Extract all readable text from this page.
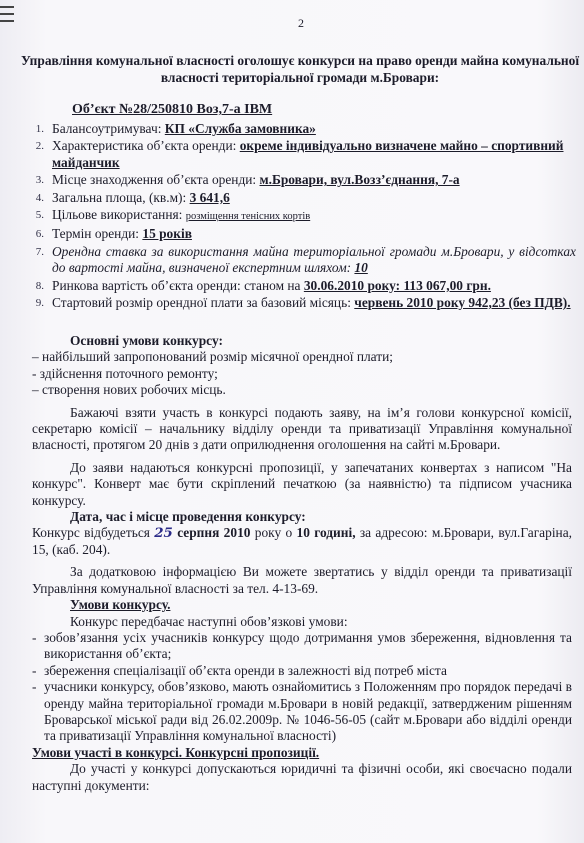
2
Управління комунальної власності оголошує конкурси на право оренди майна комунальної власності територіальної громади м.Бровари:
Об’єкт №28/250810 Воз,7-а ІВМ
1. Балансоутримувач: КП «Служба замовника»
2. Характеристика об’єкта оренди: окреме індивідуально визначене майно – спортивний майданчик
3. Місце знаходження об’єкта оренди: м.Бровари, вул.Возз’єднання, 7-а
4. Загальна площа, (кв.м): 3 641,6
5. Цільове використання: розміщення тенісних кортів
6. Термін оренди: 15 років
7. Орендна ставка за використання майна територіальної громади м.Бровари, у відсотках до вартості майна, визначеної експертним шляхом: 10
8. Ринкова вартість об’єкта оренди: станом на 30.06.2010 року: 113 067,00 грн.
9. Стартовий розмір орендної плати за базовий місяць: червень 2010 року 942,23 (без ПДВ).
Основні умови конкурсу:
– найбільший запропонований розмір місячної орендної плати;
- здійснення поточного ремонту;
– створення нових робочих місць.
Бажаючі взяти участь в конкурсі подають заяву, на ім’я голови конкурсної комісії, секретарю комісії – начальнику відділу оренди та приватизації Управління комунальної власності, протягом 20 днів з дати оприлюднення оголошення на сайті м.Бровари.
До заяви надаються конкурсні пропозиції, у запечатаних конвертах з написом "На конкурс". Конверт має бути скріплений печаткою (за наявністю) та підписом учасника конкурсу.
Дата, час і місце проведення конкурсу:
Конкурс відбудеться 25 серпня 2010 року о 10 годині, за адресою: м.Бровари, вул.Гагаріна, 15, (каб. 204).
За додатковою інформацією Ви можете звертатись у відділ оренди та приватизації Управління комунальної власності за тел. 4-13-69.
Умови конкурсу.
Конкурс передбачає наступні обов’язкові умови:
- зобов’язання усіх учасників конкурсу щодо дотримання умов збереження, відновлення та використання об’єкта;
- збереження спеціалізації об’єкта оренди в залежності від потреб міста
- учасники конкурсу, обов’язково, мають ознайомитись з Положенням про порядок передачі в оренду майна територіальної громади м.Бровари в новій редакції, затвердженим рішенням Броварської міської ради від 26.02.2009р. № 1046-56-05 (сайт м.Бровари або відділі оренди та приватизації Управління комунальної власності)
Умови участі в конкурсі. Конкурсні пропозиції.
До участі у конкурсі допускаються юридичні та фізичні особи, які своєчасно подали наступні документи:
